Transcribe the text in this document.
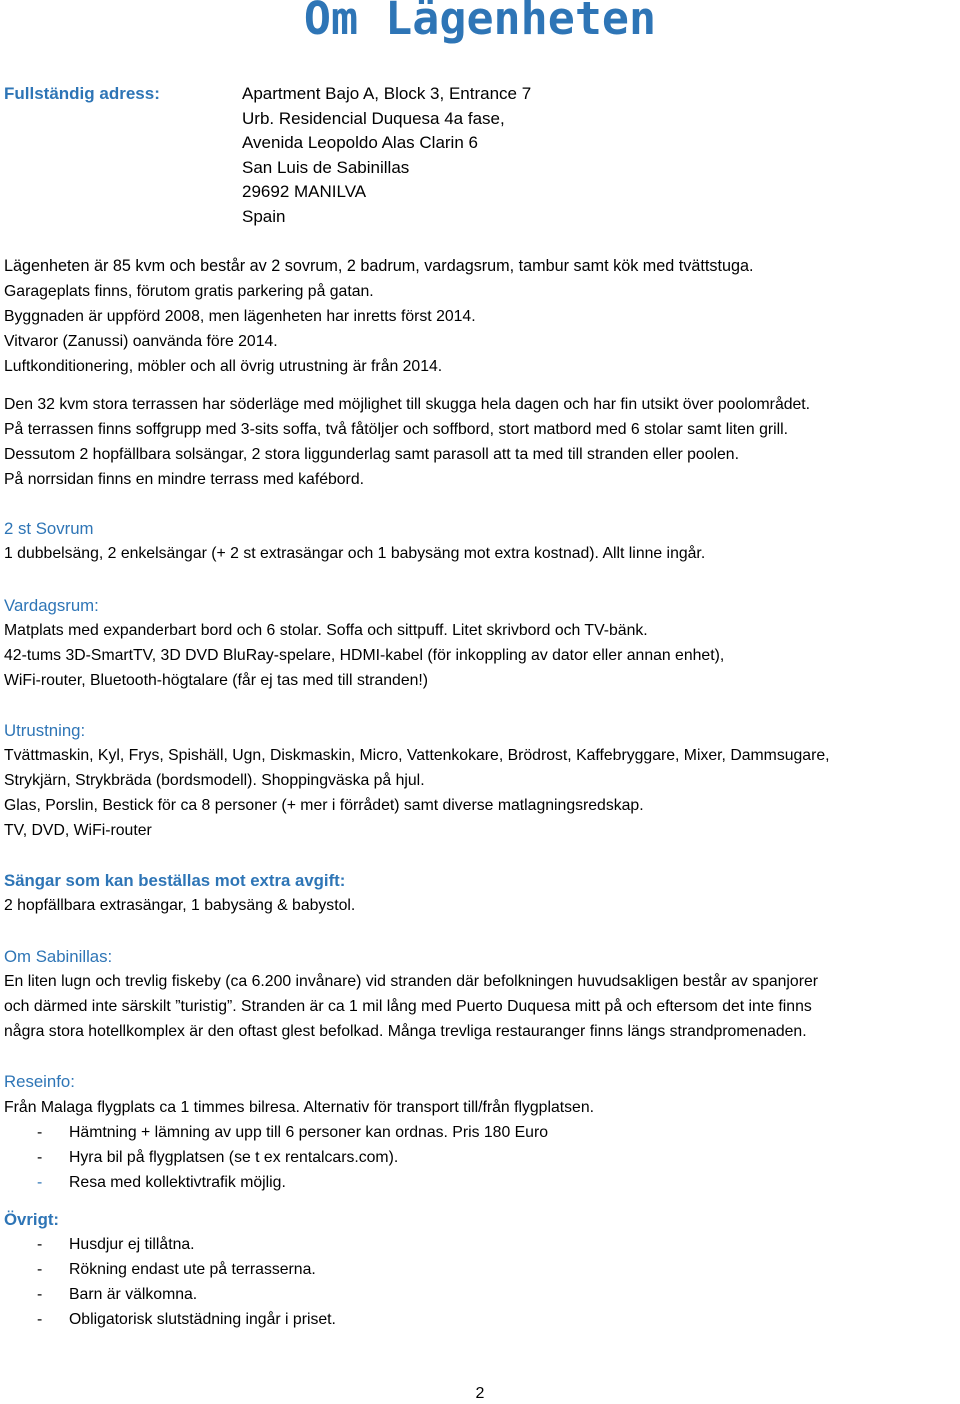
Om Lägenheten
Fullständig adress:	Apartment Bajo A, Block 3, Entrance 7
Urb. Residencial Duquesa 4a fase,
Avenida Leopoldo Alas Clarin 6
San Luis de Sabinillas
29692 MANILVA
Spain
Lägenheten är 85 kvm och består av 2 sovrum, 2 badrum, vardagsrum, tambur samt kök med tvättstuga.
Garageplats finns, förutom gratis parkering på gatan.
Byggnaden är uppförd 2008, men lägenheten har inretts först 2014.
Vitvaror (Zanussi) oanvända före 2014.
Luftkonditionering, möbler och all övrig utrustning är från 2014.
Den 32 kvm stora terrassen har söderläge med möjlighet till skugga hela dagen och har fin utsikt över poolområdet.
På terrassen finns soffgrupp med 3-sits soffa, två fåtöljer och soffbord, stort matbord med 6 stolar samt liten grill.
Dessutom 2 hopfällbara solsängar, 2 stora liggunderlag samt parasoll att ta med till stranden eller poolen.
På norrsidan finns en mindre terrass med kafébord.
2 st Sovrum
1 dubbelsäng, 2 enkelsängar (+ 2 st extrasängar och 1 babysäng mot extra kostnad). Allt linne ingår.
Vardagsrum:
Matplats med expanderbart bord och 6 stolar. Soffa och sittpuff. Litet skrivbord och TV-bänk.
42-tums 3D-SmartTV, 3D DVD BluRay-spelare, HDMI-kabel (för inkoppling av dator eller annan enhet),
WiFi-router, Bluetooth-högtalare (får ej tas med till stranden!)
Utrustning:
Tvättmaskin, Kyl, Frys, Spishäll, Ugn, Diskmaskin, Micro, Vattenkokare, Brödrost, Kaffebryggare, Mixer, Dammsugare,
Strykjärn, Strykbräda (bordsmodell). Shoppingväska på hjul.
Glas, Porslin, Bestick för ca 8 personer (+ mer i förrådet) samt diverse matlagningsredskap.
TV, DVD, WiFi-router
Sängar som kan beställas mot extra avgift:
2 hopfällbara extrasängar, 1 babysäng & babystol.
Om Sabinillas:
En liten lugn och trevlig fiskeby (ca 6.200 invånare) vid stranden där befolkningen huvudsakligen består av spanjorer
och därmed inte särskilt ”turistig”. Stranden är ca 1 mil lång med Puerto Duquesa mitt på och eftersom det inte finns
några stora hotellkomplex är den oftast glest befolkad. Många trevliga restauranger finns längs strandpromenaden.
Reseinfo:
Från Malaga flygplats ca 1 timmes bilresa. Alternativ för transport till/från flygplatsen.
- Hämtning + lämning av upp till 6 personer kan ordnas. Pris 180 Euro
- Hyra bil på flygplatsen (se t ex rentalcars.com).
- Resa med kollektivtrafik möjlig.
Övrigt:
- Husdjur ej tillåtna.
- Rökning endast ute på terrasserna.
- Barn är välkomna.
- Obligatorisk slutstädning ingår i priset.
2
